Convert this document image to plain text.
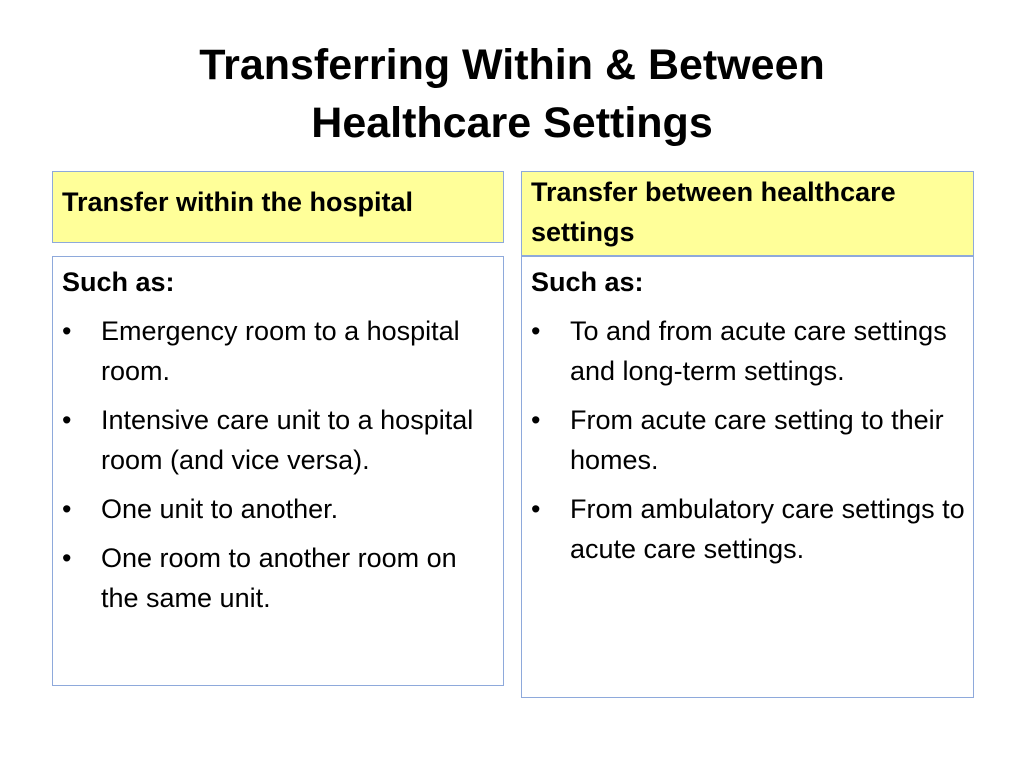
Transferring Within & Between
Healthcare Settings
Transfer within the hospital

Such as:

•	Emergency room to a hospital room.
•	Intensive care unit to a hospital room (and vice versa).
•	One unit to another.
•	One room to another room on the same unit.
Transfer between healthcare settings

Such as:

•	To and from acute care settings and long-term settings.
•	From acute care setting to their homes.
•	From ambulatory care settings to acute care settings.
